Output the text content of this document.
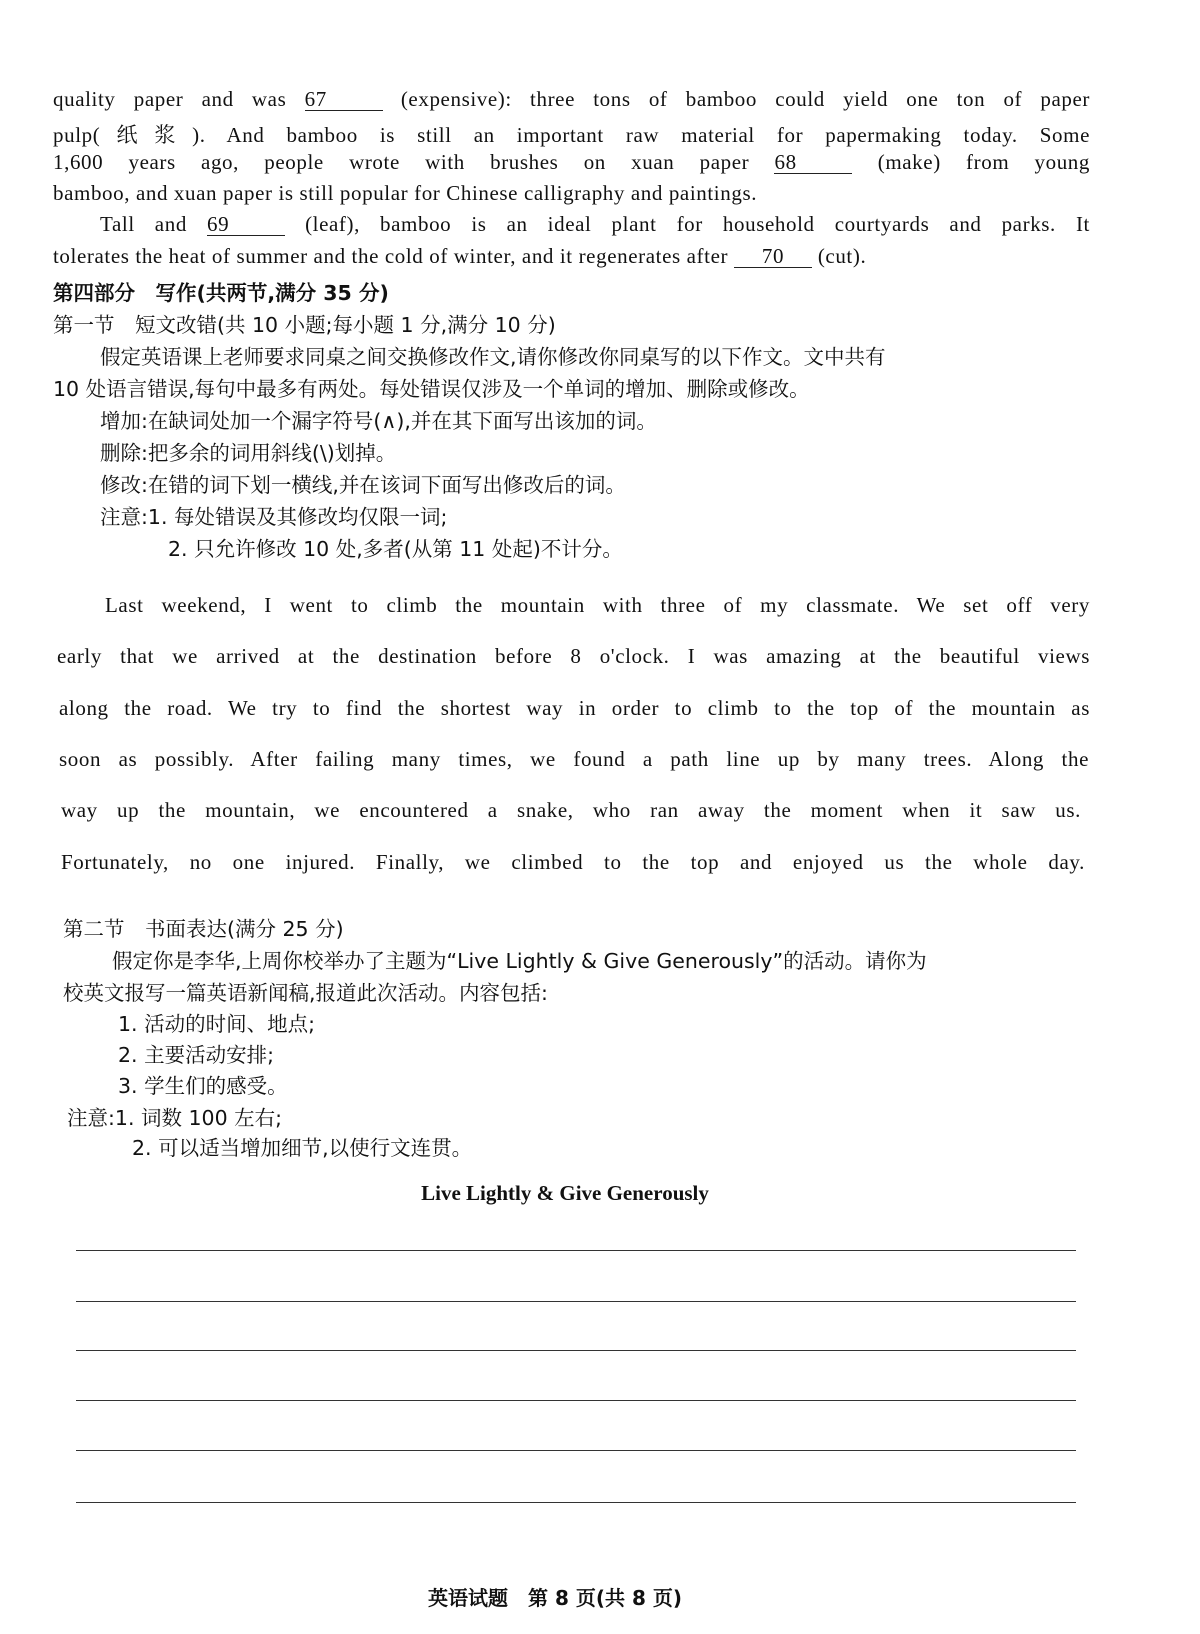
quality paper and was 67	(expensive): three tons of bamboo could yield one ton of paper
pulp(纸浆). And bamboo is still an important raw material for papermaking today. Some
1,600 years ago, people wrote with brushes on xuan paper 68	(make) from young
bamboo, and xuan paper is still popular for Chinese calligraphy and paintings.
Tall and 69	(leaf), bamboo is an ideal plant for household courtyards and parks. It
tolerates the heat of summer and the cold of winter, and it regenerates after 70 (cut).
第四部分　写作(共两节,满分 35 分)
第一节　短文改错(共 10 小题;每小题 1 分,满分 10 分)
假定英语课上老师要求同桌之间交换修改作文,请你修改你同桌写的以下作文。文中共有
10 处语言错误,每句中最多有两处。每处错误仅涉及一个单词的增加、删除或修改。
增加:在缺词处加一个漏字符号(∧),并在其下面写出该加的词。
删除:把多余的词用斜线(\)划掉。
修改:在错的词下划一横线,并在该词下面写出修改后的词。
注意:1. 每处错误及其修改均仅限一词;
2. 只允许修改 10 处,多者(从第 11 处起)不计分。
Last weekend, I went to climb the mountain with three of my classmate. We set off very
early that we arrived at the destination before 8 o'clock. I was amazing at the beautiful views
along the road. We try to find the shortest way in order to climb to the top of the mountain as
soon as possibly. After failing many times, we found a path line up by many trees. Along the
way up the mountain, we encountered a snake, who ran away the moment when it saw us.
Fortunately, no one injured. Finally, we climbed to the top and enjoyed us the whole day.
第二节　书面表达(满分 25 分)
假定你是李华,上周你校举办了主题为“Live Lightly & Give Generously”的活动。请你为
校英文报写一篇英语新闻稿,报道此次活动。内容包括:
1. 活动的时间、地点;
2. 主要活动安排;
3. 学生们的感受。
注意:1. 词数 100 左右;
2. 可以适当增加细节,以使行文连贯。
Live Lightly & Give Generously
英语试题　第 8 页(共 8 页)
